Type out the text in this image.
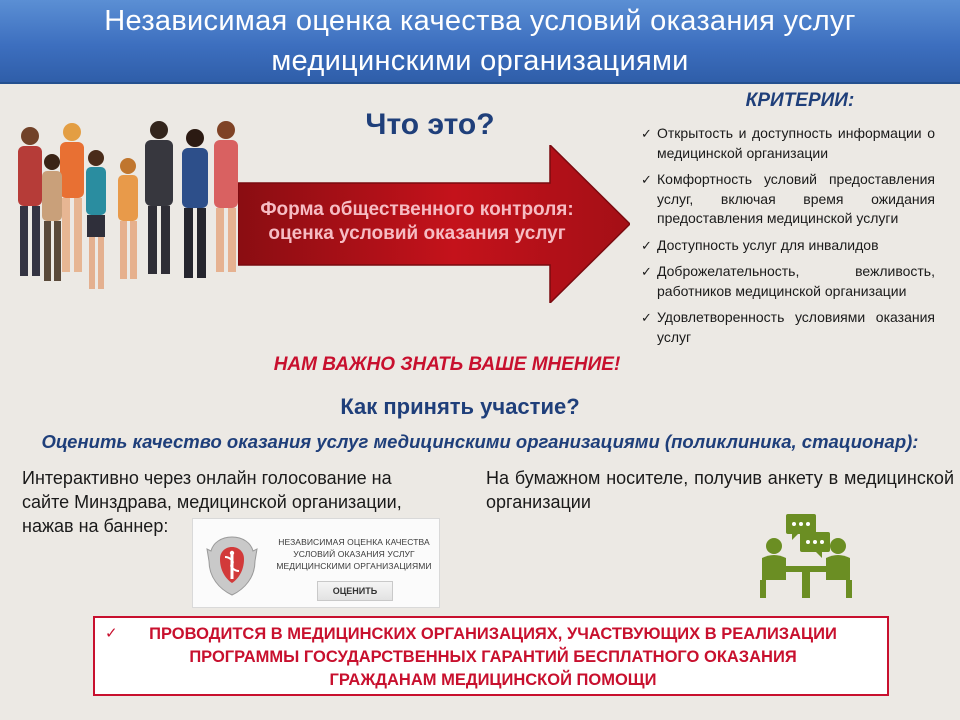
Независимая оценка качества условий оказания услуг
медицинскими организациями
Что это?
Форма общественного контроля:
оценка условий оказания услуг
КРИТЕРИИ:
✓ Открытость и доступность информации о медицинской организации
✓ Комфортность условий предоставления услуг, включая время ожидания предоставления медицинской услуги
✓ Доступность услуг для инвалидов
✓ Доброжелательность, вежливость, работников медицинской организации
✓ Удовлетворенность условиями оказания услуг
НАМ ВАЖНО ЗНАТЬ ВАШЕ МНЕНИЕ!
Как принять участие?
Оценить качество оказания услуг медицинскими организациями (поликлиника, стационар):
Интерактивно через онлайн голосование на сайте Минздрава, медицинской организации, нажав на баннер:
На бумажном носителе, получив анкету в медицинской организации
НЕЗАВИСИМАЯ ОЦЕНКА КАЧЕСТВА
УСЛОВИЙ ОКАЗАНИЯ УСЛУГ
МЕДИЦИНСКИМИ ОРГАНИЗАЦИЯМИ
ОЦЕНИТЬ
✓	ПРОВОДИТСЯ В МЕДИЦИНСКИХ ОРГАНИЗАЦИЯХ, УЧАСТВУЮЩИХ В РЕАЛИЗАЦИИ
ПРОГРАММЫ ГОСУДАРСТВЕННЫХ ГАРАНТИЙ БЕСПЛАТНОГО ОКАЗАНИЯ
ГРАЖДАНАМ МЕДИЦИНСКОЙ ПОМОЩИ
